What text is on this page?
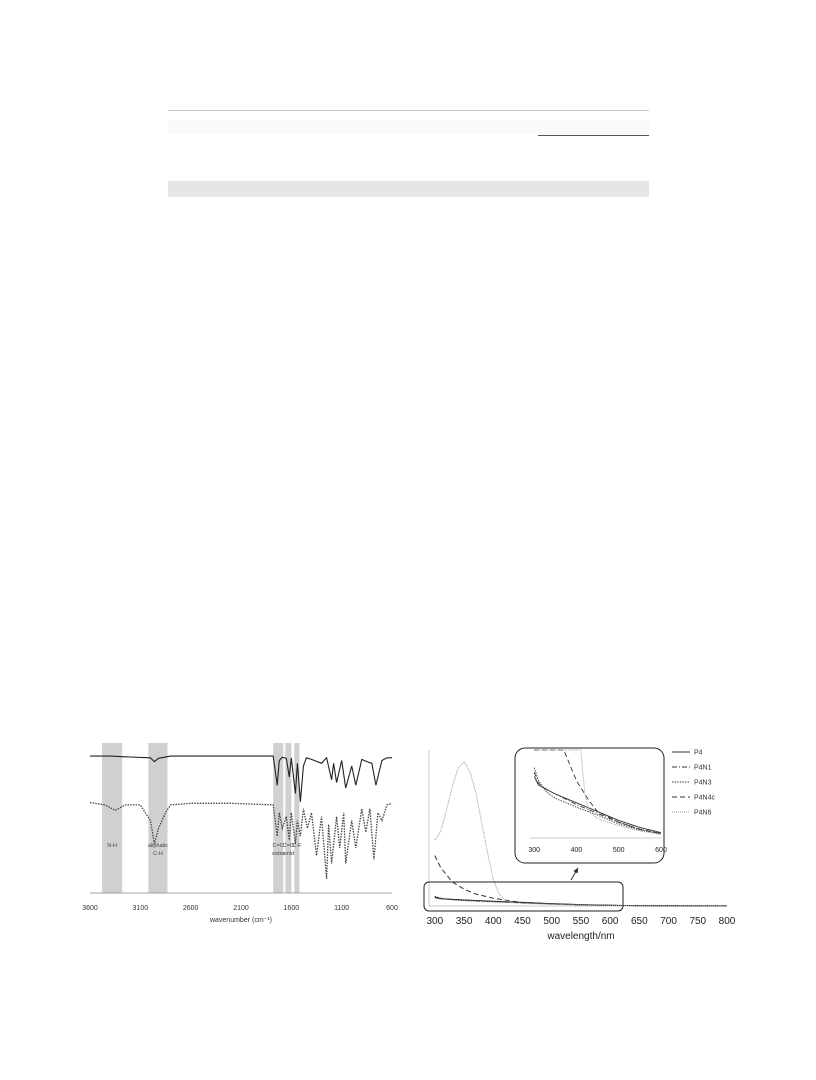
N-H	aliphatic
C-H
C=O
ester
C=O
amid
C-F
3600	3100	2600	2100	1600	1100	600
wavenumber (cm⁻¹)
300	400	500	600
P4
P4N1
P4N3
P4N4c
P4N6
300 350 400 450 500 550 600 650 700 750 800
wavelength/nm
